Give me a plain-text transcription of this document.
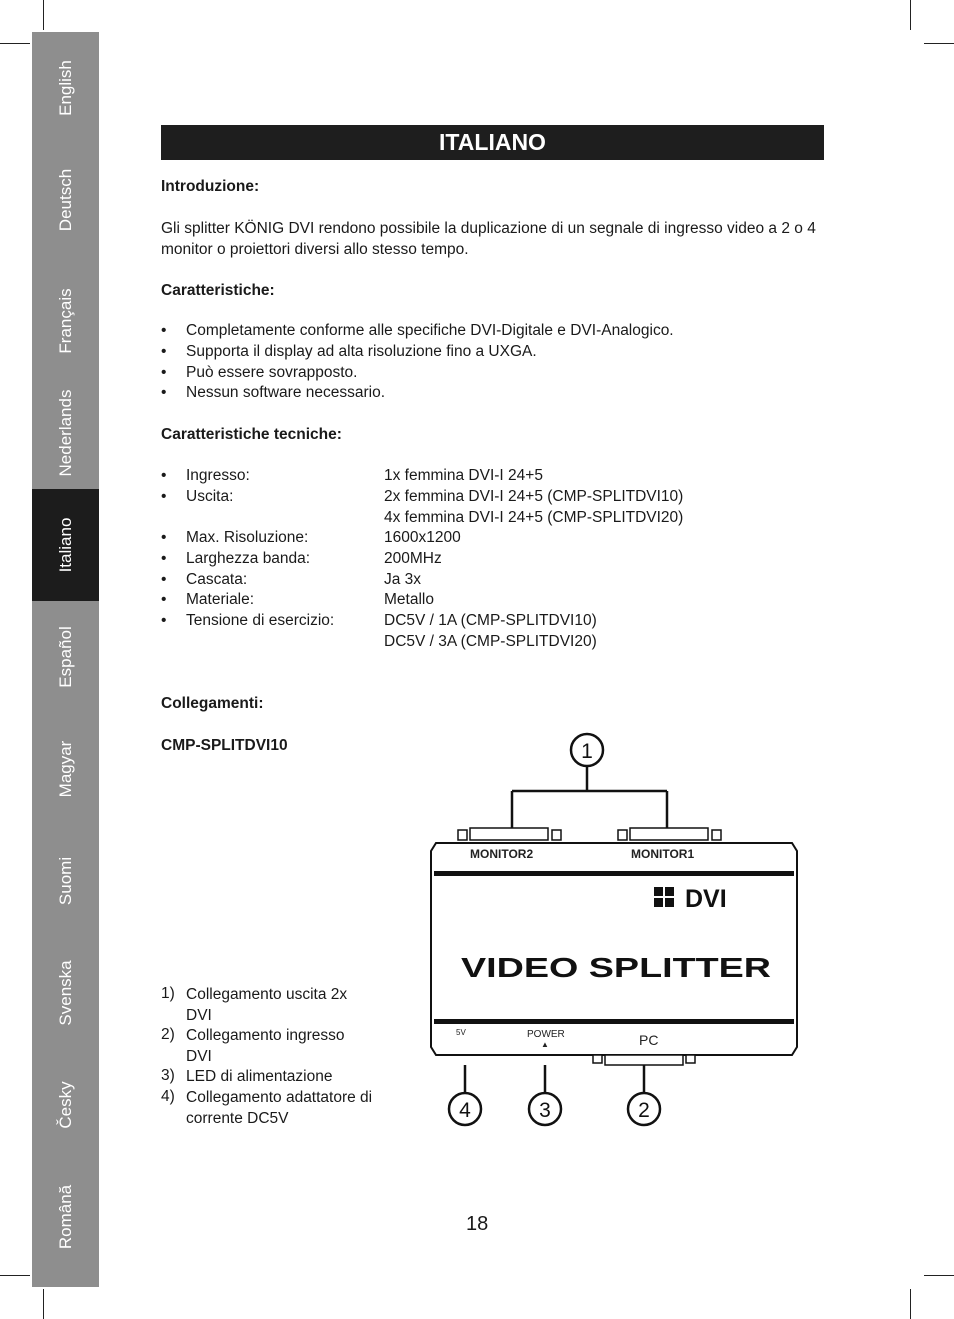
English
Deutsch
Français
Nederlands
Italiano
Español
Magyar
Suomi
Svenska
Česky
Română
ITALIANO
Introduzione:
Gli splitter KÖNIG DVI rendono possibile la duplicazione di un segnale di ingresso video a 2 o 4 monitor o proiettori diversi allo stesso tempo.
Caratteristiche:
• Completamente conforme alle specifiche DVI-Digitale e DVI-Analogico.
• Supporta il display ad alta risoluzione fino a UXGA.
• Può essere sovrapposto.
• Nessun software necessario.
Caratteristiche tecniche:
• Ingresso:	1x femmina DVI-I 24+5
• Uscita:	2x femmina DVI-I 24+5 (CMP-SPLITDVI10)
4x femmina DVI-I 24+5 (CMP-SPLITDVI20)
• Max. Risoluzione:	1600x1200
• Larghezza banda:	200MHz
• Cascata:	Ja 3x
• Materiale:	Metallo
• Tensione di esercizio:	DC5V / 1A (CMP-SPLITDVI10)
DC5V / 3A (CMP-SPLITDVI20)
Collegamenti:
CMP-SPLITDVI10
1) Collegamento uscita 2x DVI
2) Collegamento ingresso DVI
3) LED di alimentazione
4) Collegamento adattatore di corrente DC5V
1
MONITOR2	MONITOR1
DVI
VIDEO SPLITTER
5V	POWER
▲	PC
4	3	2
18
